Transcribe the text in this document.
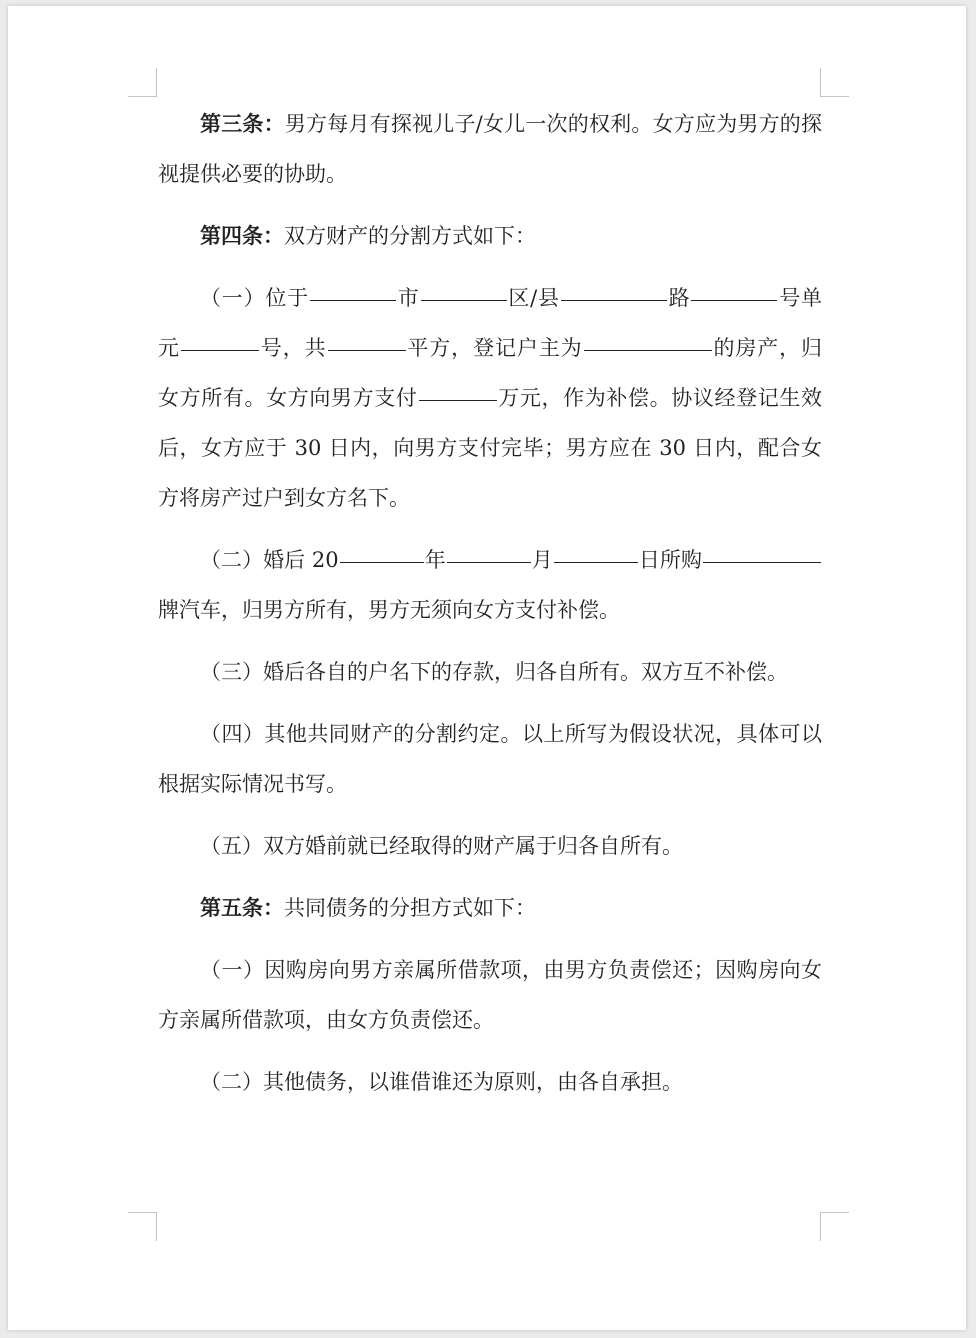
第三条：男方每月有探视儿子/女儿一次的权利。女方应为男方的探视提供必要的协助。

第四条：双方财产的分割方式如下：

（一）位于	市	区/县	路	号单元	号，共	平方，登记户主为	的房产，归女方所有。女方向男方支付	万元，作为补偿。协议经登记生效后，女方应于 30 日内，向男方支付完毕；男方应在 30 日内，配合女方将房产过户到女方名下。

（二）婚后 20	年	月	日所购牌汽车，归男方所有，男方无须向女方支付补偿。

（三）婚后各自的户名下的存款，归各自所有。双方互不补偿。

（四）其他共同财产的分割约定。以上所写为假设状况，具体可以根据实际情况书写。

（五）双方婚前就已经取得的财产属于归各自所有。

第五条：共同债务的分担方式如下：

（一）因购房向男方亲属所借款项，由男方负责偿还；因购房向女方亲属所借款项，由女方负责偿还。

（二）其他债务，以谁借谁还为原则，由各自承担。
